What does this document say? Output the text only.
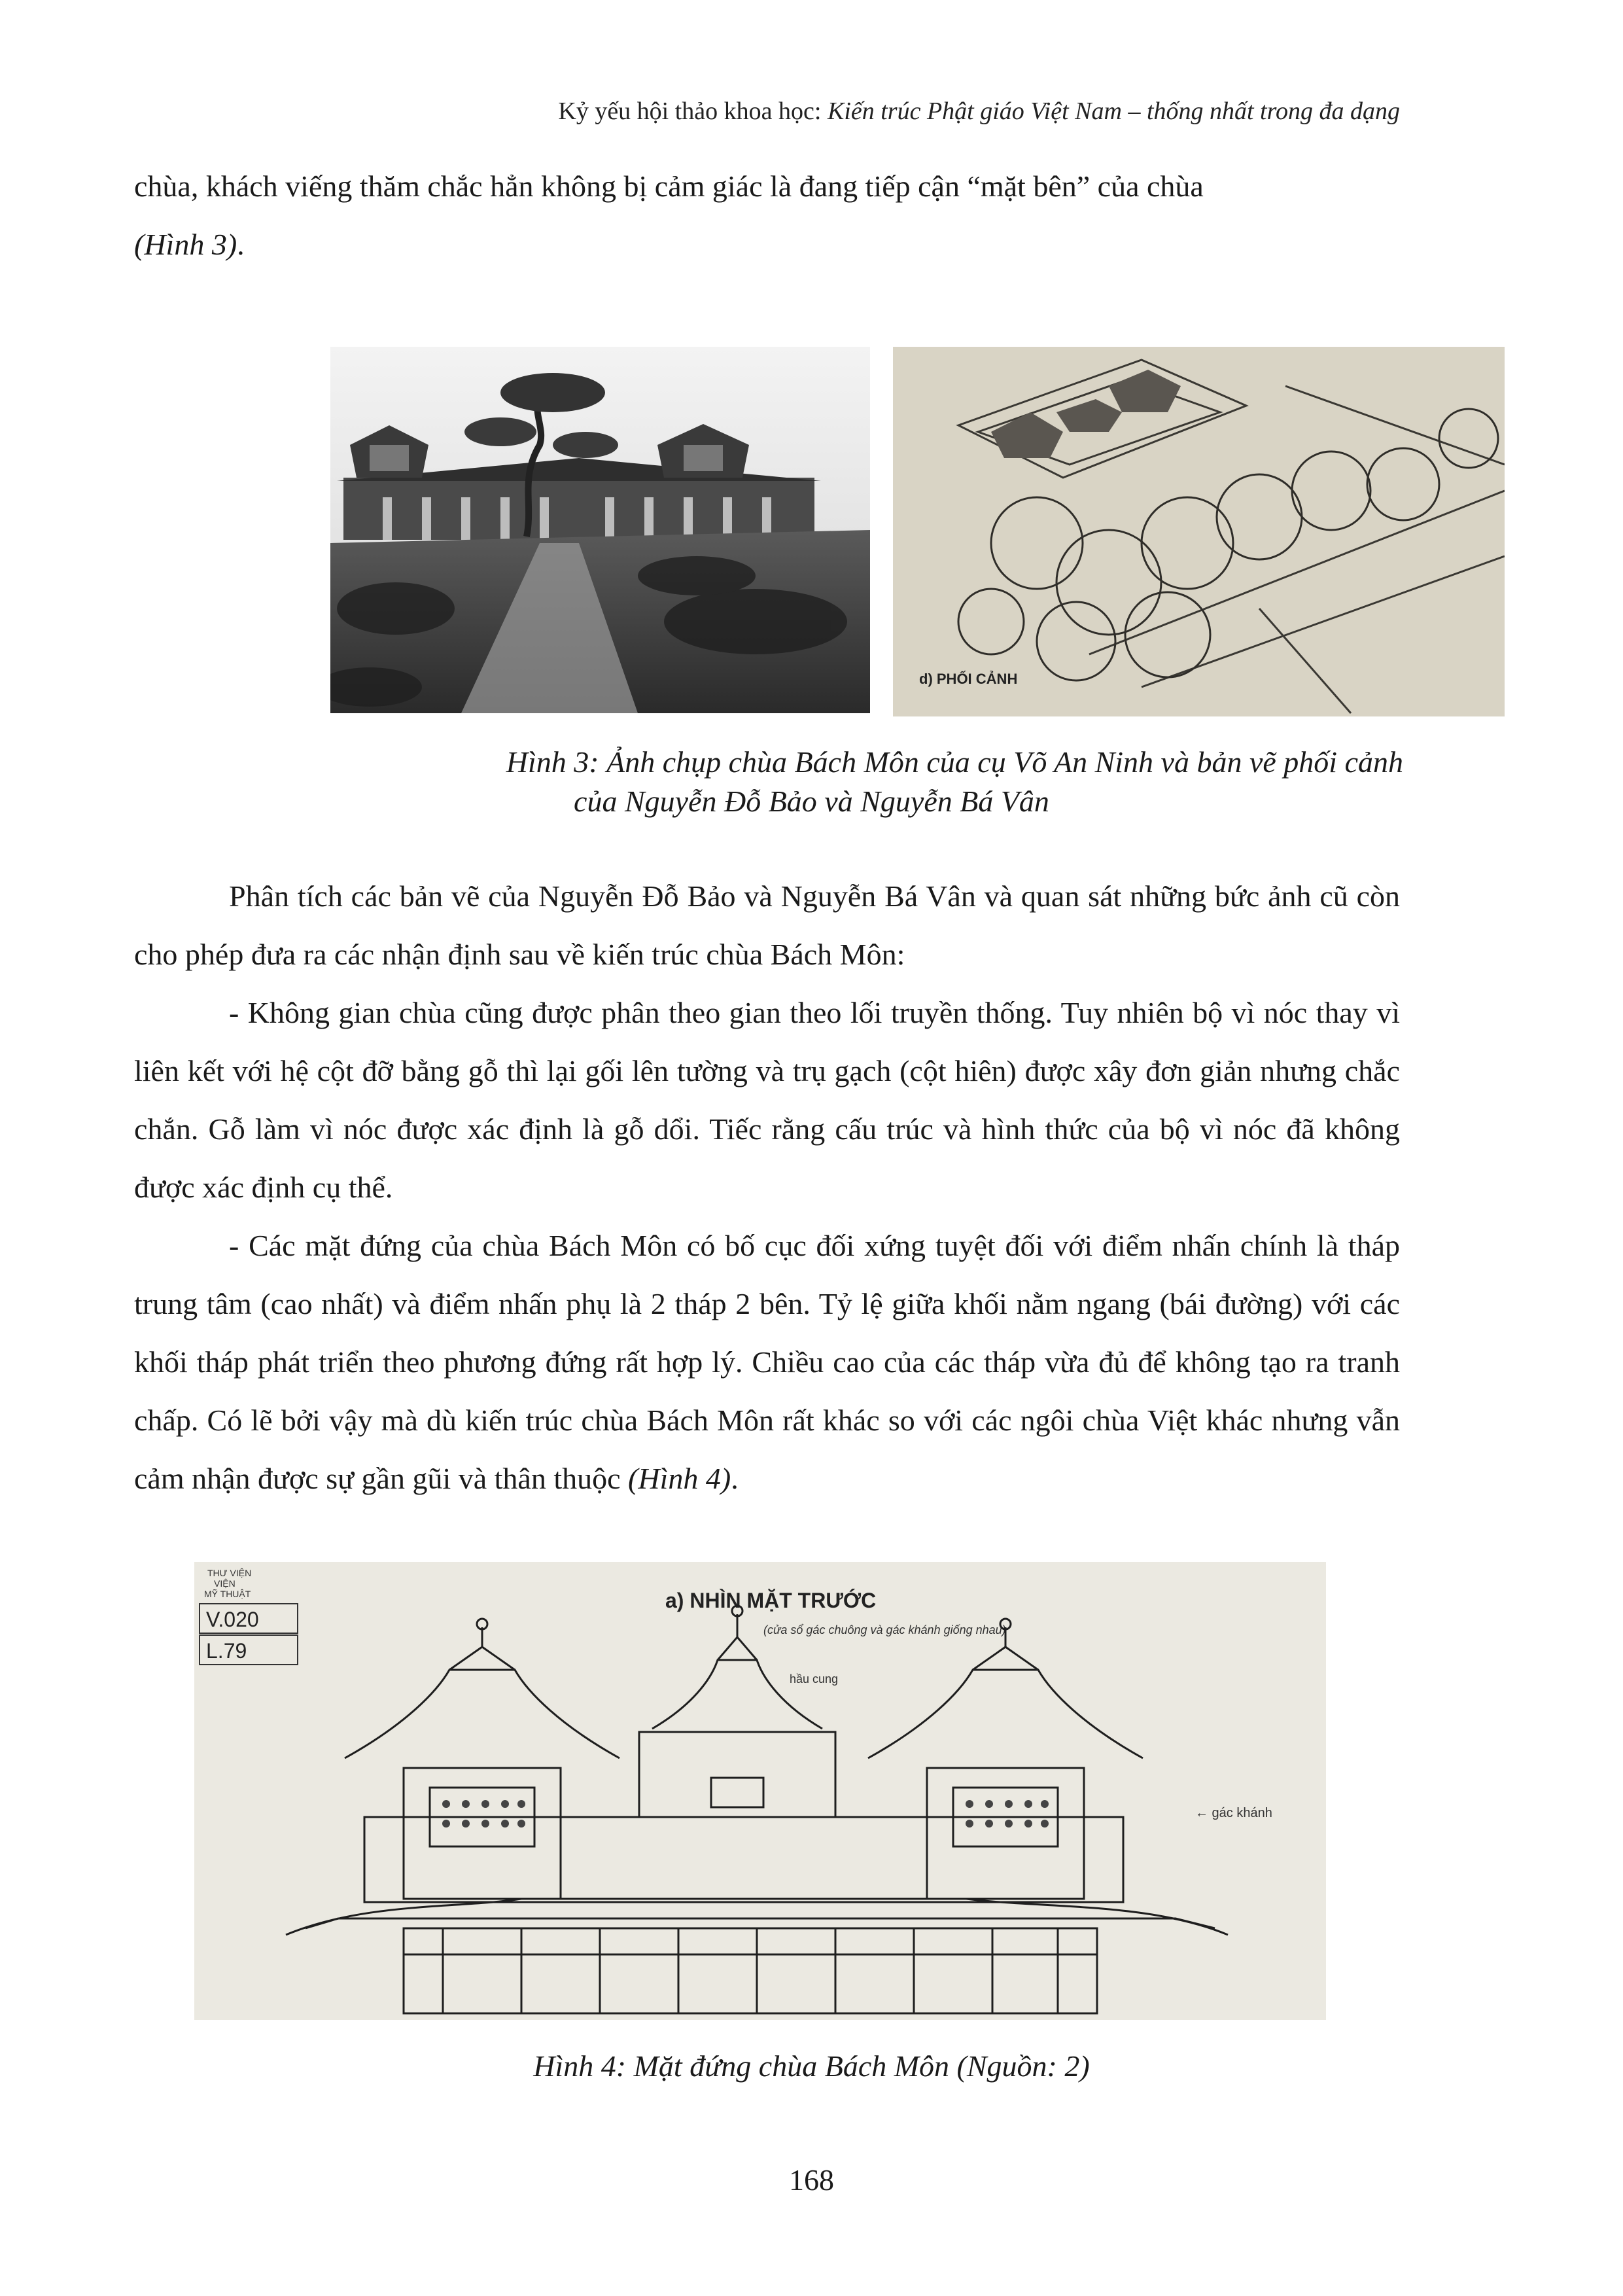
Kỷ yếu hội thảo khoa học: Kiến trúc Phật giáo Việt Nam – thống nhất trong đa dạng

chùa, khách viếng thăm chắc hẳn không bị cảm giác là đang tiếp cận “mặt bên” của chùa
(Hình 3).

d) PHỐI CẢNH
Hình 3: Ảnh chụp chùa Bách Môn của cụ Võ An Ninh và bản vẽ phối cảnh
của Nguyễn Đỗ Bảo và Nguyễn Bá Vân

Phân tích các bản vẽ của Nguyễn Đỗ Bảo và Nguyễn Bá Vân và quan sát những bức ảnh cũ còn cho phép đưa ra các nhận định sau về kiến trúc chùa Bách Môn:

- Không gian chùa cũng được phân theo gian theo lối truyền thống. Tuy nhiên bộ vì nóc thay vì liên kết với hệ cột đỡ bằng gỗ thì lại gối lên tường và trụ gạch (cột hiên) được xây đơn giản nhưng chắc chắn. Gỗ làm vì nóc được xác định là gỗ dổi. Tiếc rằng cấu trúc và hình thức của bộ vì nóc đã không được xác định cụ thể.

- Các mặt đứng của chùa Bách Môn có bố cục đối xứng tuyệt đối với điểm nhấn chính là tháp trung tâm (cao nhất) và điểm nhấn phụ là 2 tháp 2 bên. Tỷ lệ giữa khối nằm ngang (bái đường) với các khối tháp phát triển theo phương đứng rất hợp lý. Chiều cao của các tháp vừa đủ để không tạo ra tranh chấp. Có lẽ bởi vậy mà dù kiến trúc chùa Bách Môn rất khác so với các ngôi chùa Việt khác nhưng vẫn cảm nhận được sự gần gũi và thân thuộc (Hình 4).

THƯ VIỆN
VIỆN
MỸ THUẬT
V.020
L.79
a) NHÌN MẶT TRƯỚC
(cửa sổ gác chuông và gác khánh giống nhau)
hầu cung
← gác khánh
Hình 4: Mặt đứng chùa Bách Môn (Nguồn: 2)
168
